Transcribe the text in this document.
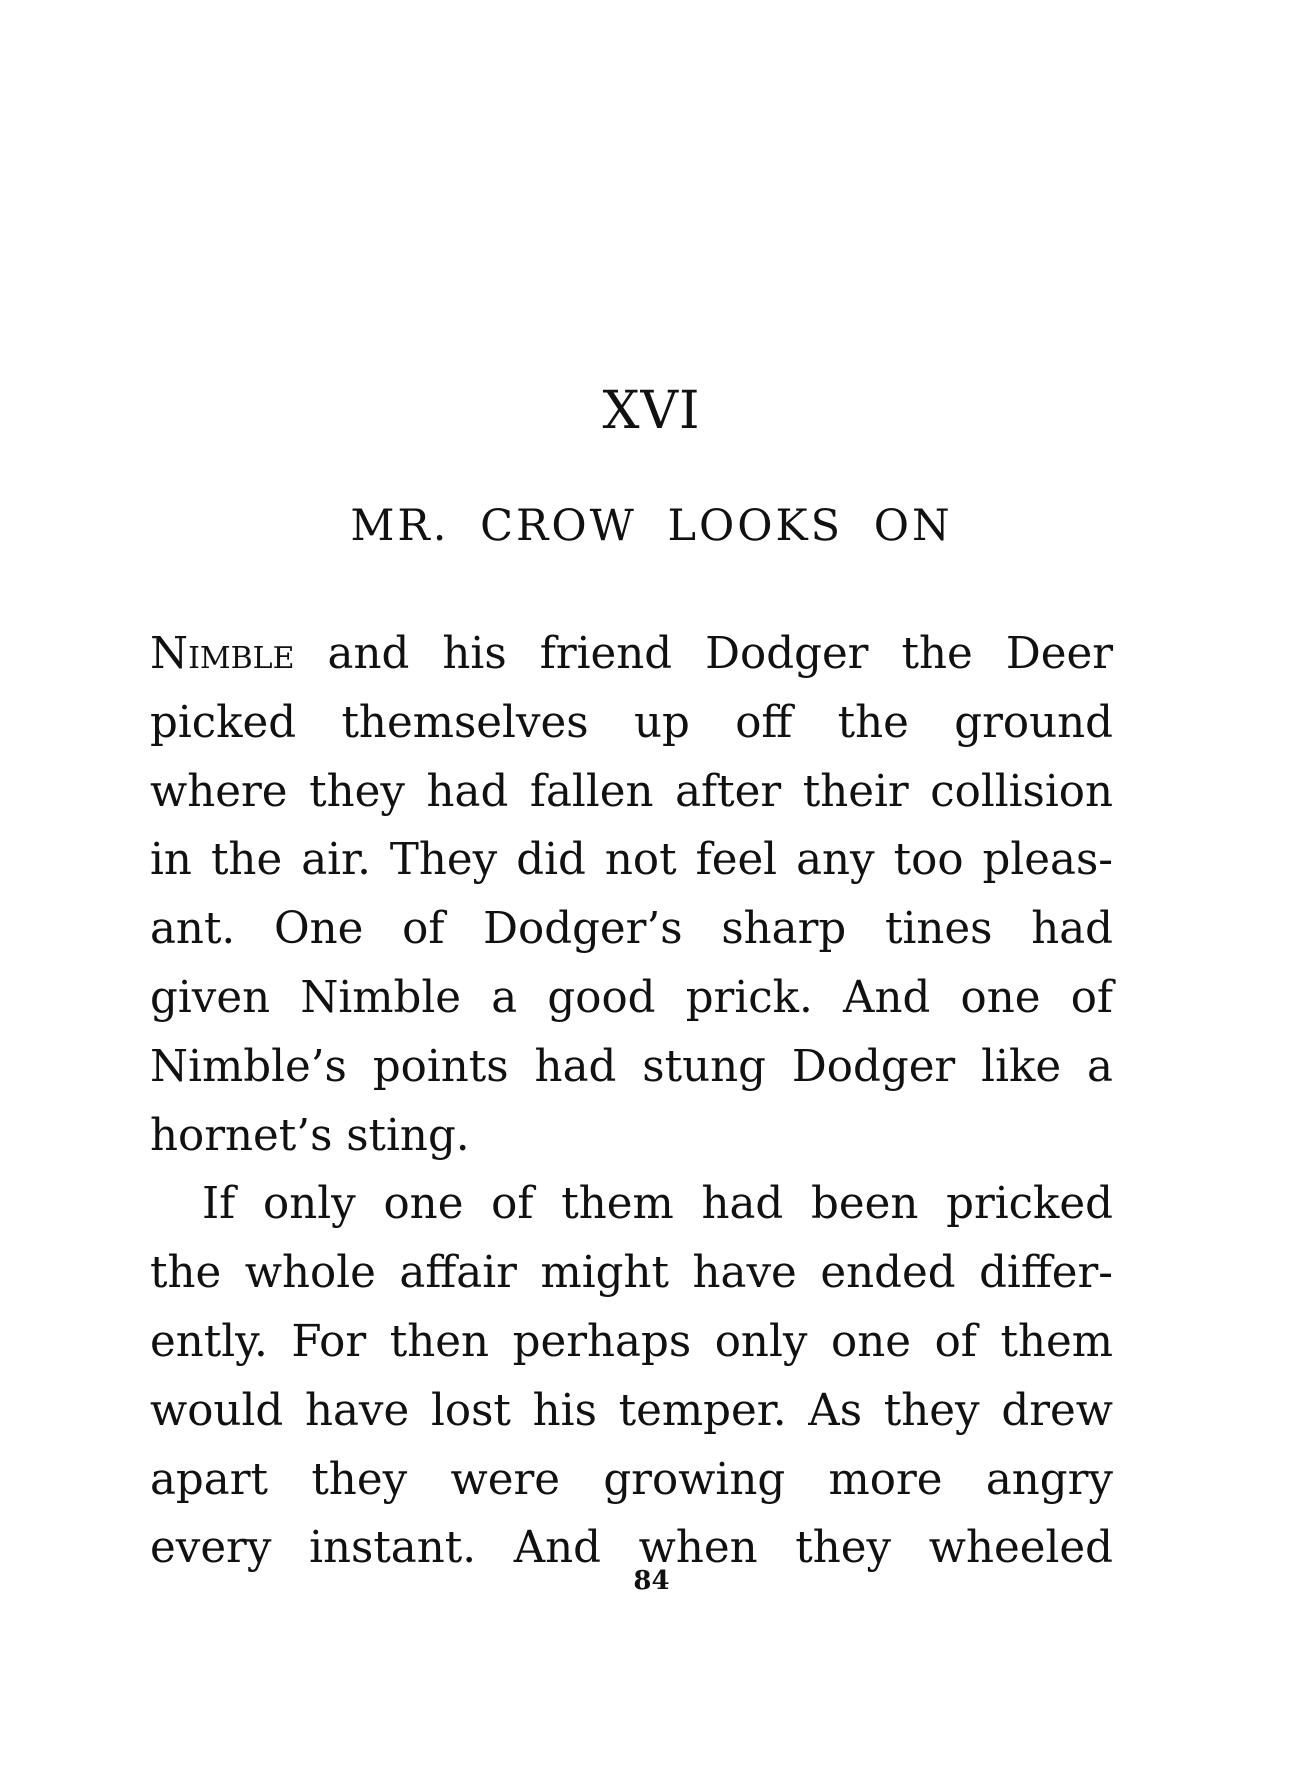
XVI
MR. CROW LOOKS ON
Nimble and his friend Dodger the Deer
picked themselves up off the ground
where they had fallen after their collision
in the air. They did not feel any too pleas-
ant. One of Dodger’s sharp tines had
given Nimble a good prick. And one of
Nimble’s points had stung Dodger like a
hornet’s sting.
If only one of them had been pricked
the whole affair might have ended differ-
ently. For then perhaps only one of them
would have lost his temper. As they drew
apart they were growing more angry
every instant. And when they wheeled
84
